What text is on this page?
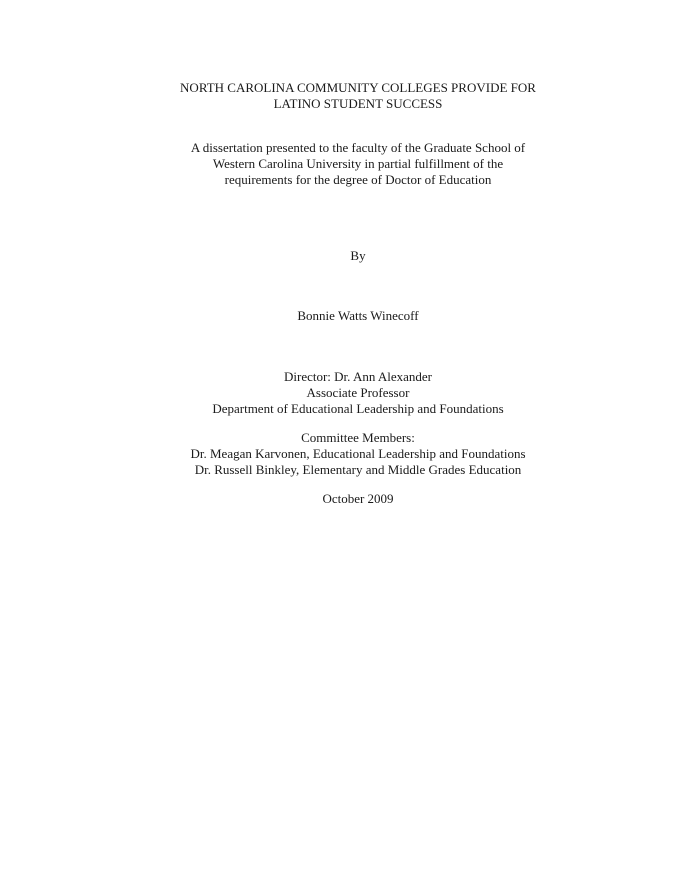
NORTH CAROLINA COMMUNITY COLLEGES PROVIDE FOR
LATINO STUDENT SUCCESS
A dissertation presented to the faculty of the Graduate School of
Western Carolina University in partial fulfillment of the
requirements for the degree of Doctor of Education
By
Bonnie Watts Winecoff
Director: Dr. Ann Alexander
Associate Professor
Department of Educational Leadership and Foundations
Committee Members:
Dr. Meagan Karvonen, Educational Leadership and Foundations
Dr. Russell Binkley, Elementary and Middle Grades Education
October 2009
